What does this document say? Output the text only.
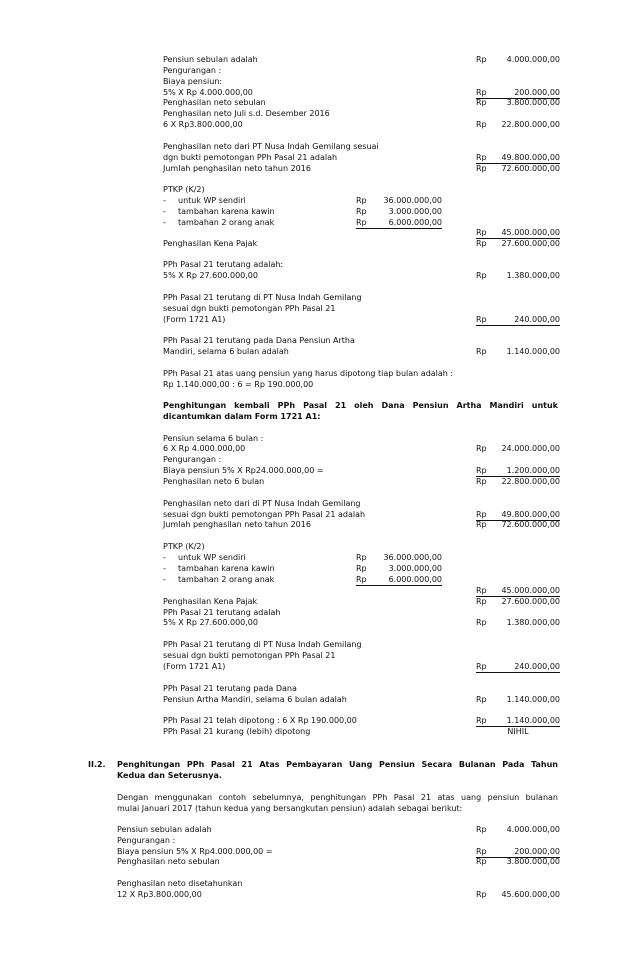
Pensiun sebulan adalah	Rp 4.000.000,00
Pengurangan :
Biaya pensiun:
5% X Rp 4.000.000,00	Rp	200.000,00
Penghasilan neto sebulan	Rp 3.800.000,00
Penghasilan neto Juli s.d. Desember 2016
6 X Rp3.800.000,00	Rp 22.800.000,00
Penghasilan neto dari PT Nusa Indah Gemilang sesuai
dgn bukti pemotongan PPh Pasal 21 adalah	Rp 49.800.000,00
Jumlah penghasilan neto tahun 2016	Rp 72.600.000,00
PTKP (K/2)
- untuk WP sendiri	Rp 36.000.000,00
- tambahan karena kawin	Rp	3.000.000,00
- tambahan 2 orang anak	Rp	6.000.000,00
Rp 45.000.000,00
Penghasilan Kena Pajak	Rp 27.600.000,00
PPh Pasal 21 terutang adalah:
5% X Rp 27.600.000,00	Rp 1.380.000,00
PPh Pasal 21 terutang di PT Nusa Indah Gemilang
sesuai dgn bukti pemotongan PPh Pasal 21
(Form 1721 A1)	Rp	240.000,00
PPh Pasal 21 terutang pada Dana Pensiun Artha
Mandiri, selama 6 bulan adalah	Rp 1.140.000,00
PPh Pasal 21 atas uang pensiun yang harus dipotong tiap bulan adalah :
Rp 1.140.000,00 : 6 = Rp 190.000,00
Penghitungan kembali PPh Pasal 21 oleh Dana Pensiun Artha Mandiri untuk
dicantumkan dalam Form 1721 A1:
Pensiun selama 6 bulan :
6 X Rp 4.000.000,00	Rp 24.000.000,00
Pengurangan :
Biaya pensiun 5% X Rp24.000.000,00 =	Rp 1.200.000,00
Penghasilan neto 6 bulan	Rp 22.800.000,00
Penghasilan neto dari di PT Nusa Indah Gemilang
sesuai dgn bukti pemotongan PPh Pasal 21 adalah	Rp 49.800.000,00
Jumlah penghasilan neto tahun 2016	Rp 72.600.000,00
PTKP (K/2)
- untuk WP sendiri	Rp 36.000.000,00
- tambahan karena kawin	Rp	3.000.000,00
- tambahan 2 orang anak	Rp	6.000.000,00
Rp 45.000.000,00
Penghasilan Kena Pajak	Rp 27.600.000,00
PPh Pasal 21 terutang adalah
5% X Rp 27.600.000,00	Rp 1.380.000,00
PPh Pasal 21 terutang di PT Nusa Indah Gemilang
sesuai dgn bukti pemotongan PPh Pasal 21
(Form 1721 A1)	Rp	240.000,00
PPh Pasal 21 terutang pada Dana
Pensiun Artha Mandiri, selama 6 bulan adalah	Rp 1.140.000,00
PPh Pasal 21 telah dipotong : 6 X Rp 190.000,00	Rp 1.140.000,00
PPh Pasal 21 kurang (lebih) dipotong	NIHIL
II.2. Penghitungan PPh Pasal 21 Atas Pembayaran Uang Pensiun Secara Bulanan Pada Tahun
Kedua dan Seterusnya.
Dengan menggunakan contoh sebelumnya, penghitungan PPh Pasal 21 atas uang pensiun bulanan
mulai Januari 2017 (tahun kedua yang bersangkutan pensiun) adalah sebagai berikut:
Pensiun sebulan adalah	Rp 4.000.000,00
Pengurangan :
Biaya pensiun 5% X Rp4.000.000,00 =	Rp	200.000,00
Penghasilan neto sebulan	Rp 3.800.000,00
Penghasilan neto disetahunkan
12 X Rp3.800.000,00	Rp 45.600.000,00
